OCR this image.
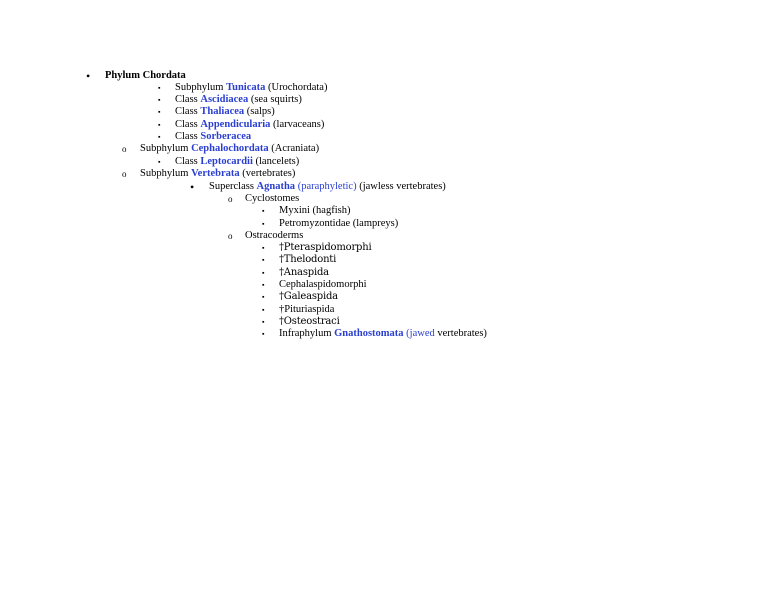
• Phylum Chordata
▪ Subphylum Tunicata (Urochordata)
▪ Class Ascidiacea (sea squirts)
▪ Class Thaliacea (salps)
▪ Class Appendicularia (larvaceans)
▪ Class Sorberacea
o Subphylum Cephalochordata (Acraniata)
▪ Class Leptocardii (lancelets)
o Subphylum Vertebrata (vertebrates)
• Superclass Agnatha (paraphyletic) (jawless vertebrates)
o Cyclostomes
▪ Myxini (hagfish)
▪ Petromyzontidae (lampreys)
o Ostracoderms
▪ †Pteraspidomorphi
▪ †Thelodonti
▪ †Anaspida
▪ Cephalaspidomorphi
▪ †Galeaspida
▪ †Pituriaspida
▪ †Osteostraci
▪ Infraphylum Gnathostomata (jawed vertebrates)
